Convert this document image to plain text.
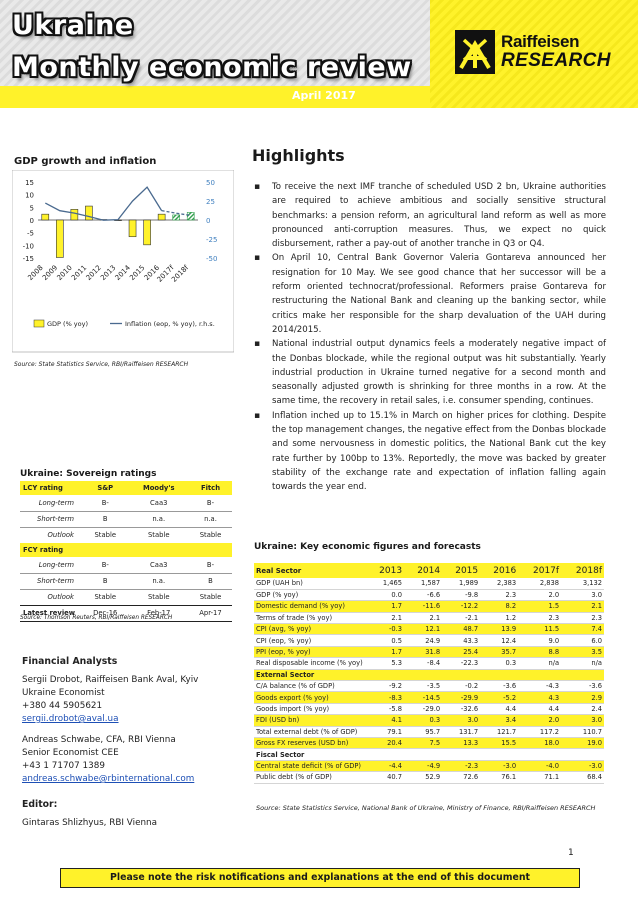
Ukraine
Monthly economic review
April 2017
Raiffeisen
RESEARCH
GDP growth and inflation
15
10
5
0
-5
-10
-15
50
25
0
-25
-50
2008
2009
2010
2011
2012
2013
2014
2015
2016
2017f
2018f
GDP (% yoy)	Inflation (eop, % yoy), r.h.s.
Source: State Statistics Service, RBI/Raiffeisen RESEARCH
Highlights
▪ To receive the next IMF tranche of scheduled USD 2 bn, Ukraine authorities are required to achieve ambitious and socially sensitive structural benchmarks: a pension reform, an agricultural land reform as well as more pronounced anti-corruption measures. Thus, we expect no quick disbursement, rather a pay-out of another tranche in Q3 or Q4.
▪ On April 10, Central Bank Governor Valeria Gontareva announced her resignation for 10 May. We see good chance that her successor will be a reform oriented technocrat/professional. Reformers praise Gontareva for restructuring the National Bank and cleaning up the banking sector, while critics make her responsible for the sharp devaluation of the UAH during 2014/2015.
▪ National industrial output dynamics feels a moderately negative impact of the Donbas blockade, while the regional output was hit substantially. Yearly industrial production in Ukraine turned negative for a second month and seasonally adjusted growth is shrinking for three months in a row. At the same time, the recovery in retail sales, i.e. consumer spending, continues.
▪ Inflation inched up to 15.1% in March on higher prices for clothing. Despite the top management changes, the negative effect from the Donbas blockade and some nervousness in domestic politics, the National Bank cut the key rate further by 100bp to 13%. Reportedly, the move was backed by greater stability of the exchange rate and expectation of inflation falling again towards the year end.
Ukraine: Sovereign ratings
LCY rating	S&P	Moody's	Fitch
Long-term	B-	Caa3	B-
Short-term	B	n.a.	n.a.
Outlook	Stable	Stable	Stable
FCY rating			
Long-term	B-	Caa3	B-
Short-term	B	n.a.	B
Outlook	Stable	Stable	Stable
Latest review	Dec-16	Feb-17	Apr-17
Source: Thomson Reuters, RBI/Raiffeisen RESEARCH
Financial Analysts
Sergii Drobot, Raiffeisen Bank Aval, Kyiv
Ukraine Economist
+380 44 5905621
sergii.drobot@aval.ua
Andreas Schwabe, CFA, RBI Vienna
Senior Economist CEE
+43 1 71707 1389
andreas.schwabe@rbinternational.com
Editor:
Gintaras Shlizhyus, RBI Vienna
Ukraine: Key economic figures and forecasts
Real Sector	2013	2014	2015	2016	2017f	2018f
GDP (UAH bn)	1,465	1,587	1,989	2,383	2,838	3,132
GDP (% yoy)	0.0	-6.6	-9.8	2.3	2.0	3.0
Domestic demand (% yoy)	1.7	-11.6	-12.2	8.2	1.5	2.1
Terms of trade (% yoy)	2.1	2.1	-2.1	1.2	2.3	2.3
CPI (avg, % yoy)	-0.3	12.1	48.7	13.9	11.5	7.4
CPI (eop, % yoy)	0.5	24.9	43.3	12.4	9.0	6.0
PPI (eop, % yoy)	1.7	31.8	25.4	35.7	8.8	3.5
Real disposable income (% yoy)	5.3	-8.4	-22.3	0.3	n/a	n/a
External Sector						
C/A balance (% of GDP)	-9.2	-3.5	-0.2	-3.6	-4.3	-3.6
Goods export (% yoy)	-8.3	-14.5	-29.9	-5.2	4.3	2.9
Goods import (% yoy)	-5.8	-29.0	-32.6	4.4	4.4	2.4
FDI (USD bn)	4.1	0.3	3.0	3.4	2.0	3.0
Total external debt (% of GDP)	79.1	95.7	131.7	121.7	117.2	110.7
Gross FX reserves (USD bn)	20.4	7.5	13.3	15.5	18.0	19.0
Fiscal Sector						
Central state deficit (% of GDP)	-4.4	-4.9	-2.3	-3.0	-4.0	-3.0
Public debt (% of GDP)	40.7	52.9	72.6	76.1	71.1	68.4
Source: State Statistics Service, National Bank of Ukraine, Ministry of Finance, RBI/Raiffeisen RESEARCH
1
Please note the risk notifications and explanations at the end of this document
